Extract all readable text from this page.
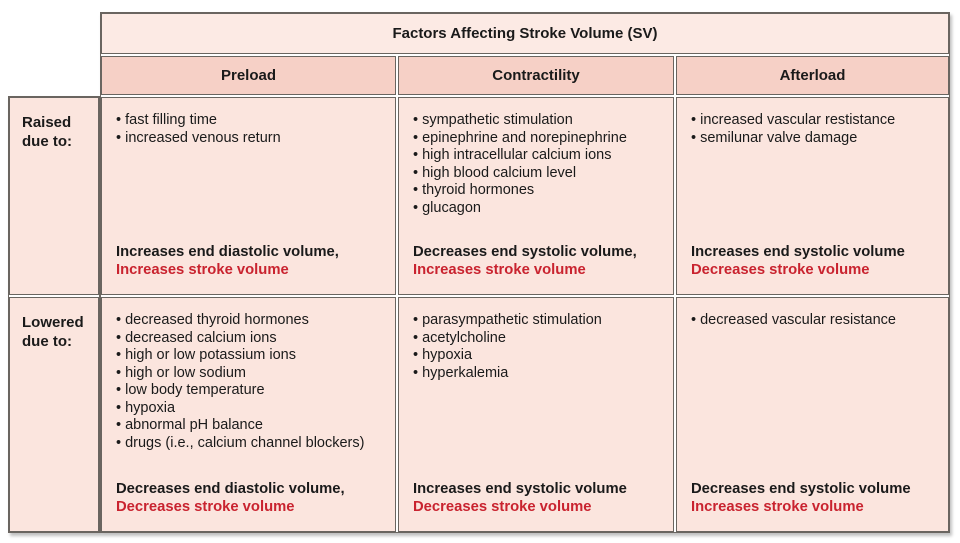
Raised due to:
Lowered due to:
Factors Affecting Stroke Volume (SV)
Preload	Contractility	Afterload
• fast filling time
• increased venous return
Increases end diastolic volume,
Increases stroke volume
• sympathetic stimulation
• epinephrine and norepinephrine
• high intracellular calcium ions
• high blood calcium level
• thyroid hormones
• glucagon
Decreases end systolic volume,
Increases stroke volume
• increased vascular restistance
• semilunar valve damage
Increases end systolic volume
Decreases stroke volume
• decreased thyroid hormones
• decreased calcium ions
• high or low potassium ions
• high or low sodium
• low body temperature
• hypoxia
• abnormal pH balance
• drugs (i.e., calcium channel blockers)
Decreases end diastolic volume,
Decreases stroke volume
• parasympathetic stimulation
• acetylcholine
• hypoxia
• hyperkalemia
Increases end systolic volume
Decreases stroke volume
• decreased vascular resistance
Decreases end systolic volume
Increases stroke volume
